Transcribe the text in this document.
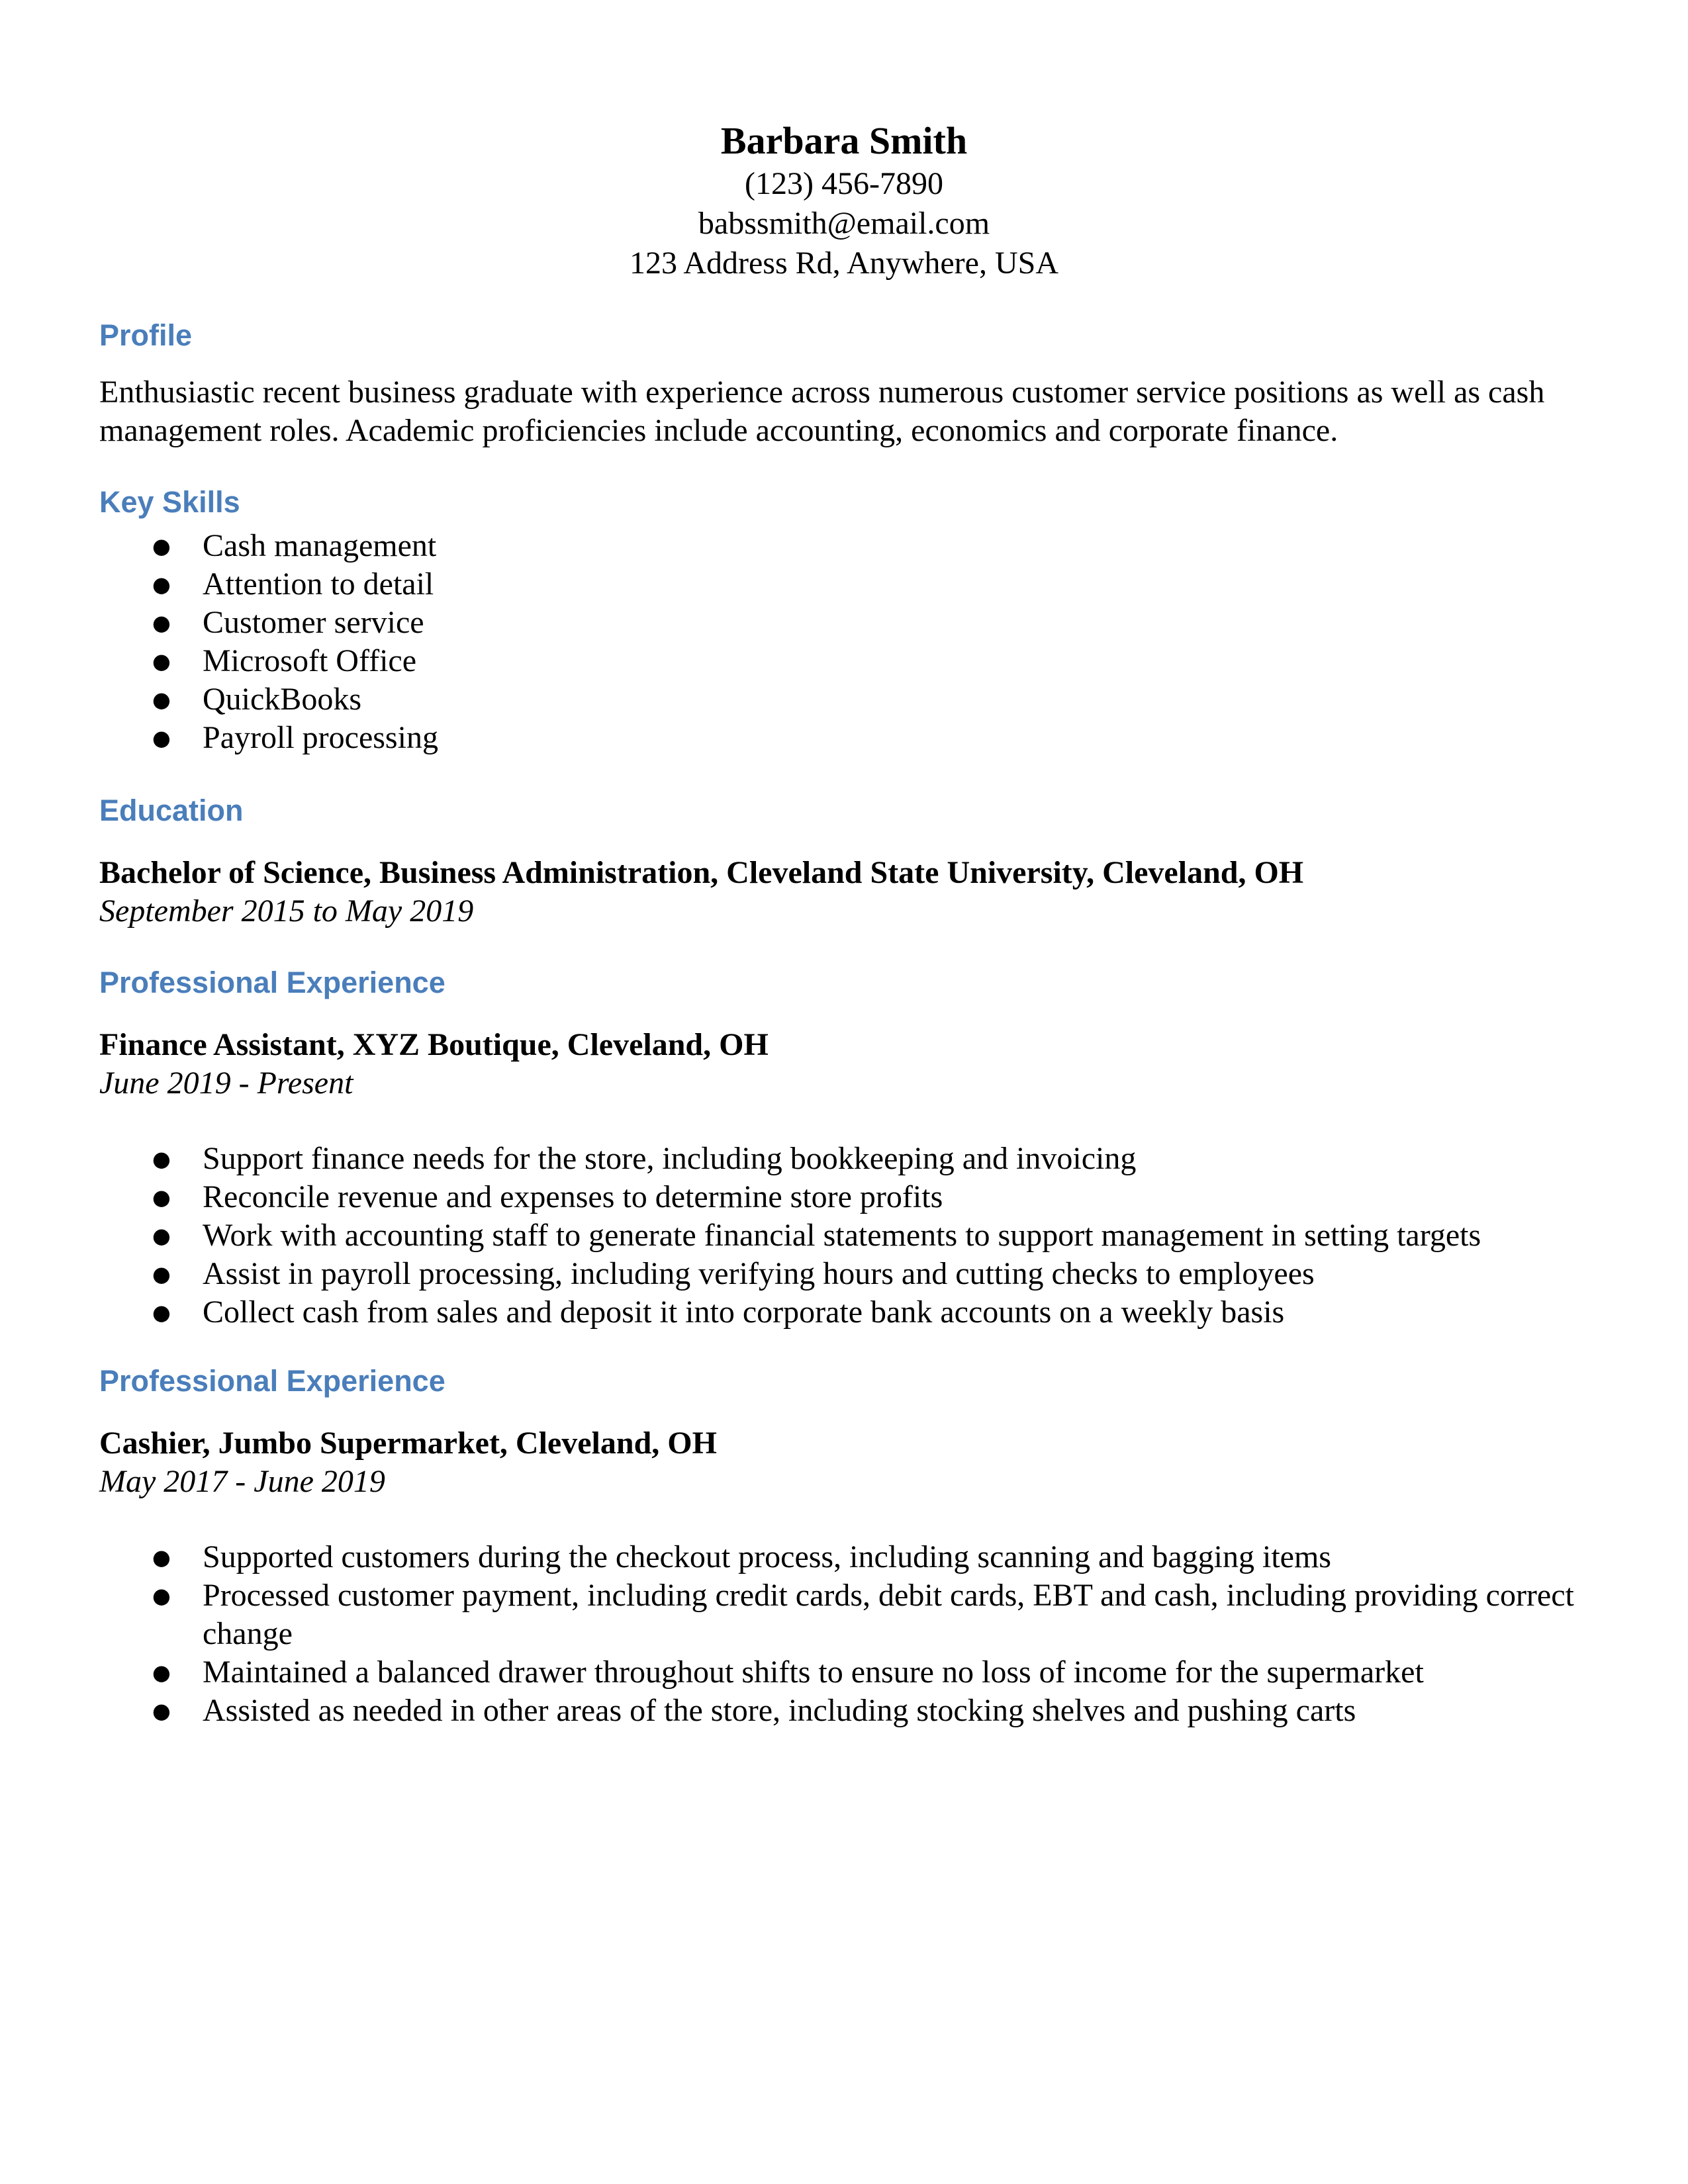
Barbara Smith
(123) 456-7890
babssmith@email.com
123 Address Rd, Anywhere, USA
Profile
Enthusiastic recent business graduate with experience across numerous customer service positions as well as cash management roles. Academic proficiencies include accounting, economics and corporate finance.
Key Skills
● Cash management
● Attention to detail
● Customer service
● Microsoft Office
● QuickBooks
● Payroll processing
Education
Bachelor of Science, Business Administration, Cleveland State University, Cleveland, OH
September 2015 to May 2019
Professional Experience
Finance Assistant, XYZ Boutique, Cleveland, OH
June 2019 - Present
● Support finance needs for the store, including bookkeeping and invoicing
● Reconcile revenue and expenses to determine store profits
● Work with accounting staff to generate financial statements to support management in setting targets
● Assist in payroll processing, including verifying hours and cutting checks to employees
● Collect cash from sales and deposit it into corporate bank accounts on a weekly basis
Professional Experience
Cashier, Jumbo Supermarket, Cleveland, OH
May 2017 - June 2019
● Supported customers during the checkout process, including scanning and bagging items
● Processed customer payment, including credit cards, debit cards, EBT and cash, including providing correct change
● Maintained a balanced drawer throughout shifts to ensure no loss of income for the supermarket
● Assisted as needed in other areas of the store, including stocking shelves and pushing carts
